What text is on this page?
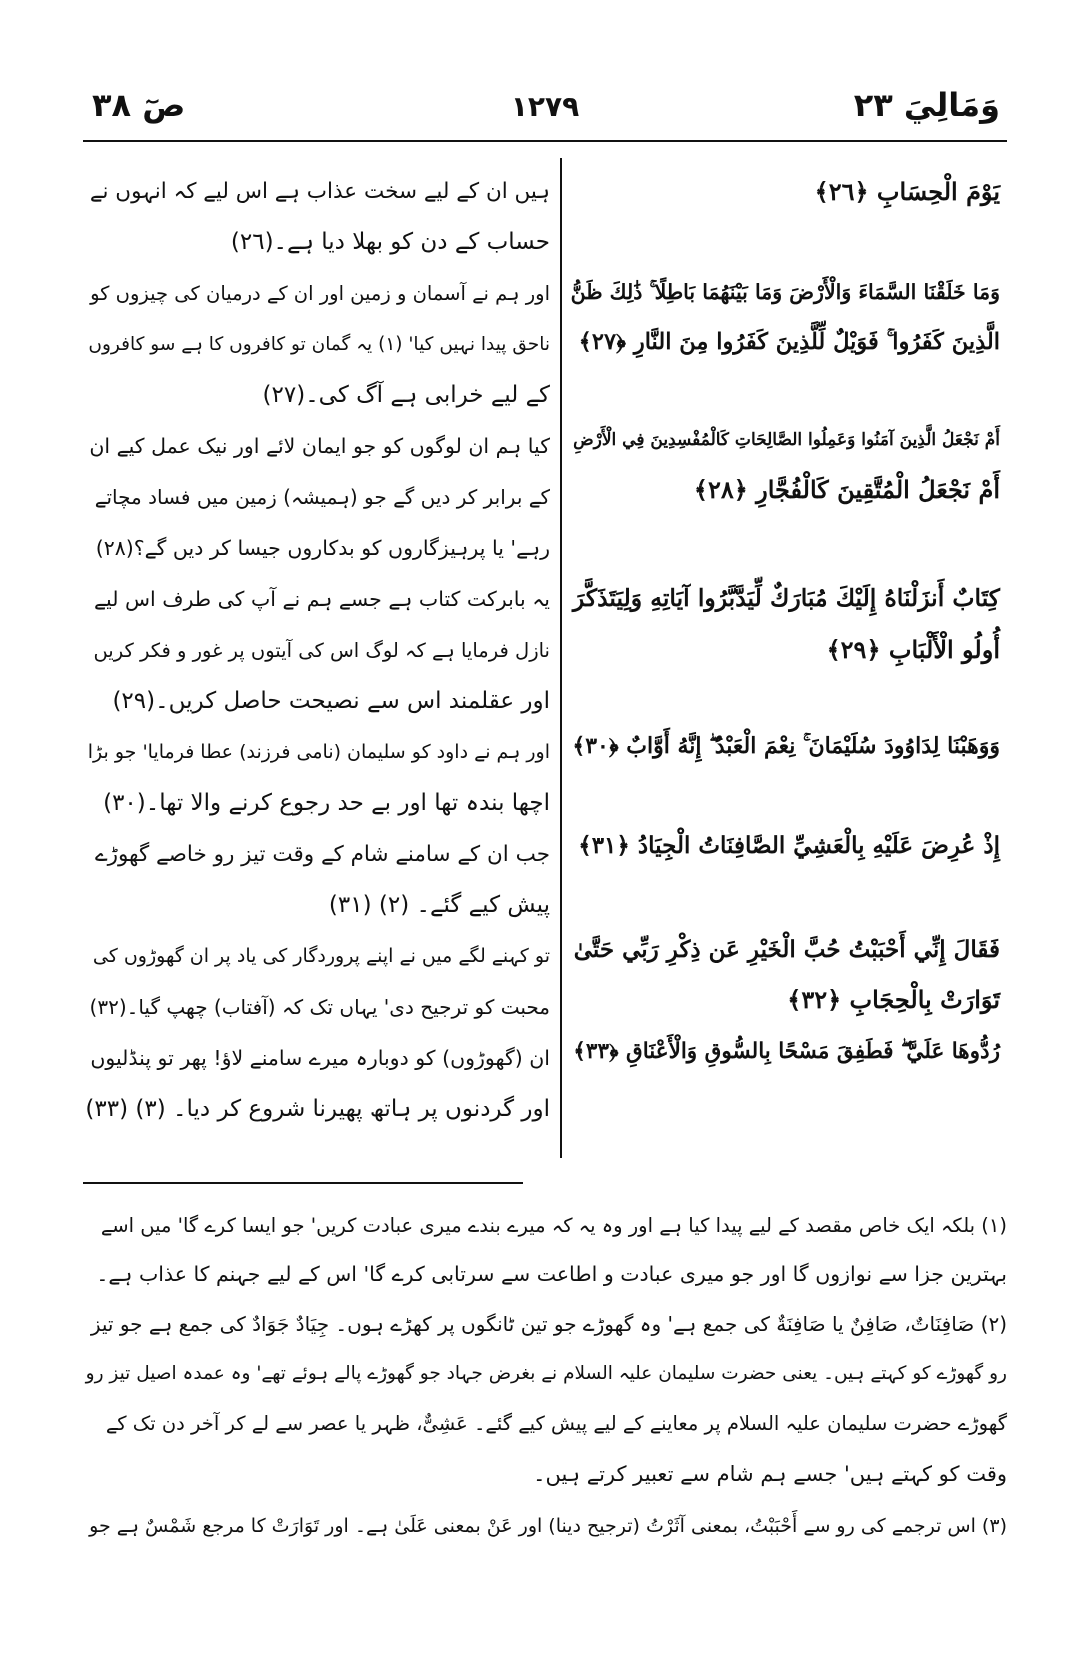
وَمَالِيَ ٢٣
١٢٧٩
صٓ ٣٨
ہیں ان کے لیے سخت عذاب ہے اس لیے کہ انہوں نے
حساب کے دن کو بھلا دیا ہے۔(٢٦)
اور ہم نے آسمان و زمین اور ان کے درمیان کی چیزوں کو
ناحق پیدا نہیں کیا' (١) یہ گمان تو کافروں کا ہے سو کافروں
کے لیے خرابی ہے آگ کی۔(٢٧)
کیا ہم ان لوگوں کو جو ایمان لائے اور نیک عمل کیے ان
کے برابر کر دیں گے جو (ہمیشہ) زمین میں فساد مچاتے
رہے' یا پرہیزگاروں کو بدکاروں جیسا کر دیں گے؟(٢٨)
یہ بابرکت کتاب ہے جسے ہم نے آپ کی طرف اس لیے
نازل فرمایا ہے کہ لوگ اس کی آیتوں پر غور و فکر کریں
اور عقلمند اس سے نصیحت حاصل کریں۔(٢٩)
اور ہم نے داود کو سلیمان (نامی فرزند) عطا فرمایا' جو بڑا
اچھا بندہ تھا اور بے حد رجوع کرنے والا تھا۔(٣٠)
جب ان کے سامنے شام کے وقت تیز رو خاصے گھوڑے
پیش کیے گئے۔ (٢) (٣١)
تو کہنے لگے میں نے اپنے پروردگار کی یاد پر ان گھوڑوں کی
محبت کو ترجیح دی' یہاں تک کہ (آفتاب) چھپ گیا۔(٣٢)
ان (گھوڑوں) کو دوبارہ میرے سامنے لاؤ! پھر تو پنڈلیوں
اور گردنوں پر ہاتھ پھیرنا شروع کر دیا۔ (٣) (٣٣)
يَوْمَ الْحِسَابِ ﴿٢٦﴾
وَمَا خَلَقْنَا السَّمَاءَ وَالْأَرْضَ وَمَا بَيْنَهُمَا بَاطِلًا ۚ ذَٰلِكَ ظَنُّ
الَّذِينَ كَفَرُوا ۚ فَوَيْلٌ لِّلَّذِينَ كَفَرُوا مِنَ النَّارِ ﴿٢٧﴾
أَمْ نَجْعَلُ الَّذِينَ آمَنُوا وَعَمِلُوا الصَّالِحَاتِ كَالْمُفْسِدِينَ فِي الْأَرْضِ
أَمْ نَجْعَلُ الْمُتَّقِينَ كَالْفُجَّارِ ﴿٢٨﴾
كِتَابٌ أَنزَلْنَاهُ إِلَيْكَ مُبَارَكٌ لِّيَدَّبَّرُوا آيَاتِهِ وَلِيَتَذَكَّرَ
أُولُو الْأَلْبَابِ ﴿٢٩﴾
وَوَهَبْنَا لِدَاوُودَ سُلَيْمَانَ ۚ نِعْمَ الْعَبْدُ ۖ إِنَّهُ أَوَّابٌ ﴿٣٠﴾
إِذْ عُرِضَ عَلَيْهِ بِالْعَشِيِّ الصَّافِنَاتُ الْجِيَادُ ﴿٣١﴾
فَقَالَ إِنِّي أَحْبَبْتُ حُبَّ الْخَيْرِ عَن ذِكْرِ رَبِّي حَتَّىٰ
تَوَارَتْ بِالْحِجَابِ ﴿٣٢﴾
رُدُّوهَا عَلَيَّ ۖ فَطَفِقَ مَسْحًا بِالسُّوقِ وَالْأَعْنَاقِ ﴿٣٣﴾
(١) بلکہ ایک خاص مقصد کے لیے پیدا کیا ہے اور وہ یہ کہ میرے بندے میری عبادت کریں' جو ایسا کرے گا' میں اسے
بہترین جزا سے نوازوں گا اور جو میری عبادت و اطاعت سے سرتابی کرے گا' اس کے لیے جہنم کا عذاب ہے۔
(٢) صَافِنَاتٌ، صَافِنٌ یا صَافِنَةٌ کی جمع ہے' وہ گھوڑے جو تین ٹانگوں پر کھڑے ہوں۔ جِیَادٌ جَوَادٌ کی جمع ہے جو تیز
رو گھوڑے کو کہتے ہیں۔ یعنی حضرت سلیمان علیہ السلام نے بغرض جہاد جو گھوڑے پالے ہوئے تھے' وہ عمدہ اصیل تیز رو
گھوڑے حضرت سلیمان علیہ السلام پر معاینے کے لیے پیش کیے گئے۔ عَشِیٌّ، ظہر یا عصر سے لے کر آخر دن تک کے
وقت کو کہتے ہیں' جسے ہم شام سے تعبیر کرتے ہیں۔
(٣) اس ترجمے کی رو سے أَحْبَبْتُ، بمعنی آثَرْتُ (ترجیح دینا) اور عَنْ بمعنی عَلَیٰ ہے۔ اور تَوَارَتْ کا مرجع شَمْسٌ ہے جو
